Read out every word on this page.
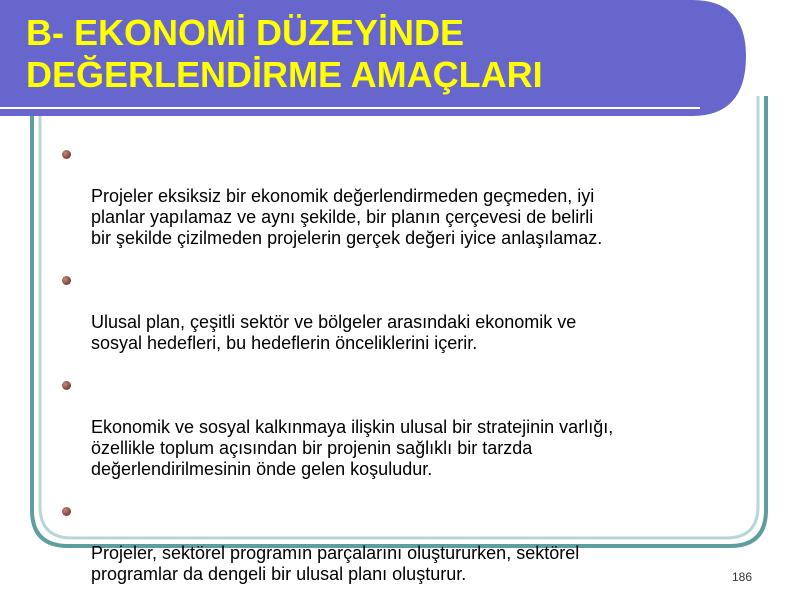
B- EKONOMİ DÜZEYİNDE
DEĞERLENDİRME AMAÇLARI

Projeler eksiksiz bir ekonomik değerlendirmeden geçmeden, iyi
planlar yapılamaz ve aynı şekilde, bir planın çerçevesi de belirli
bir şekilde çizilmeden projelerin gerçek değeri iyice anlaşılamaz.

Ulusal plan, çeşitli sektör ve bölgeler arasındaki ekonomik ve
sosyal hedefleri, bu hedeflerin önceliklerini içerir.

Ekonomik ve sosyal kalkınmaya ilişkin ulusal bir stratejinin varlığı,
özellikle toplum açısından bir projenin sağlıklı bir tarzda
değerlendirilmesinin önde gelen koşuludur.

Projeler, sektörel programın parçalarını oluştururken, sektörel
programlar da dengeli bir ulusal planı oluşturur.	186
